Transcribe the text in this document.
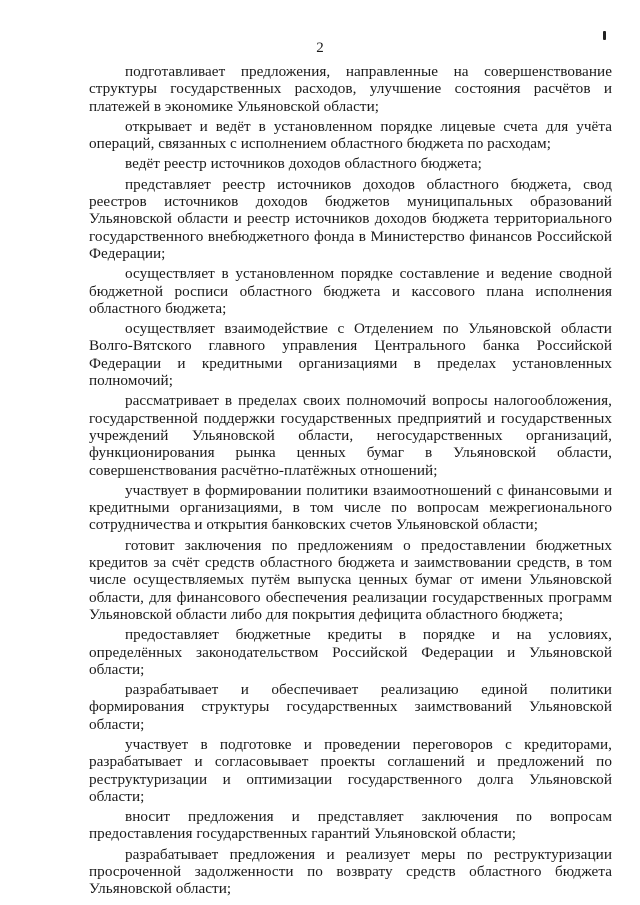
2

подготавливает предложения, направленные на совершенствование структуры государственных расходов, улучшение состояния расчётов и платежей в экономике Ульяновской области;

открывает и ведёт в установленном порядке лицевые счета для учёта операций, связанных с исполнением областного бюджета по расходам;

ведёт реестр источников доходов областного бюджета;

представляет реестр источников доходов областного бюджета, свод реестров источников доходов бюджетов муниципальных образований Ульяновской области и реестр источников доходов бюджета территориального государственного внебюджетного фонда в Министерство финансов Российской Федерации;

осуществляет в установленном порядке составление и ведение сводной бюджетной росписи областного бюджета и кассового плана исполнения областного бюджета;

осуществляет взаимодействие с Отделением по Ульяновской области Волго-Вятского главного управления Центрального банка Российской Федерации и кредитными организациями в пределах установленных полномочий;

рассматривает в пределах своих полномочий вопросы налогообложения, государственной поддержки государственных предприятий и государственных учреждений Ульяновской области, негосударственных организаций, функционирования рынка ценных бумаг в Ульяновской области, совершенствования расчётно-платёжных отношений;

участвует в формировании политики взаимоотношений с финансовыми и кредитными организациями, в том числе по вопросам межрегионального сотрудничества и открытия банковских счетов Ульяновской области;

готовит заключения по предложениям о предоставлении бюджетных кредитов за счёт средств областного бюджета и заимствовании средств, в том числе осуществляемых путём выпуска ценных бумаг от имени Ульяновской области, для финансового обеспечения реализации государственных программ Ульяновской области либо для покрытия дефицита областного бюджета;

предоставляет бюджетные кредиты в порядке и на условиях, определённых законодательством Российской Федерации и Ульяновской области;

разрабатывает и обеспечивает реализацию единой политики формирования структуры государственных заимствований Ульяновской области;

участвует в подготовке и проведении переговоров с кредиторами, разрабатывает и согласовывает проекты соглашений и предложений по реструктуризации и оптимизации государственного долга Ульяновской области;

вносит предложения и представляет заключения по вопросам предоставления государственных гарантий Ульяновской области;

разрабатывает предложения и реализует меры по реструктуризации просроченной задолженности по возврату средств областного бюджета Ульяновской области;
